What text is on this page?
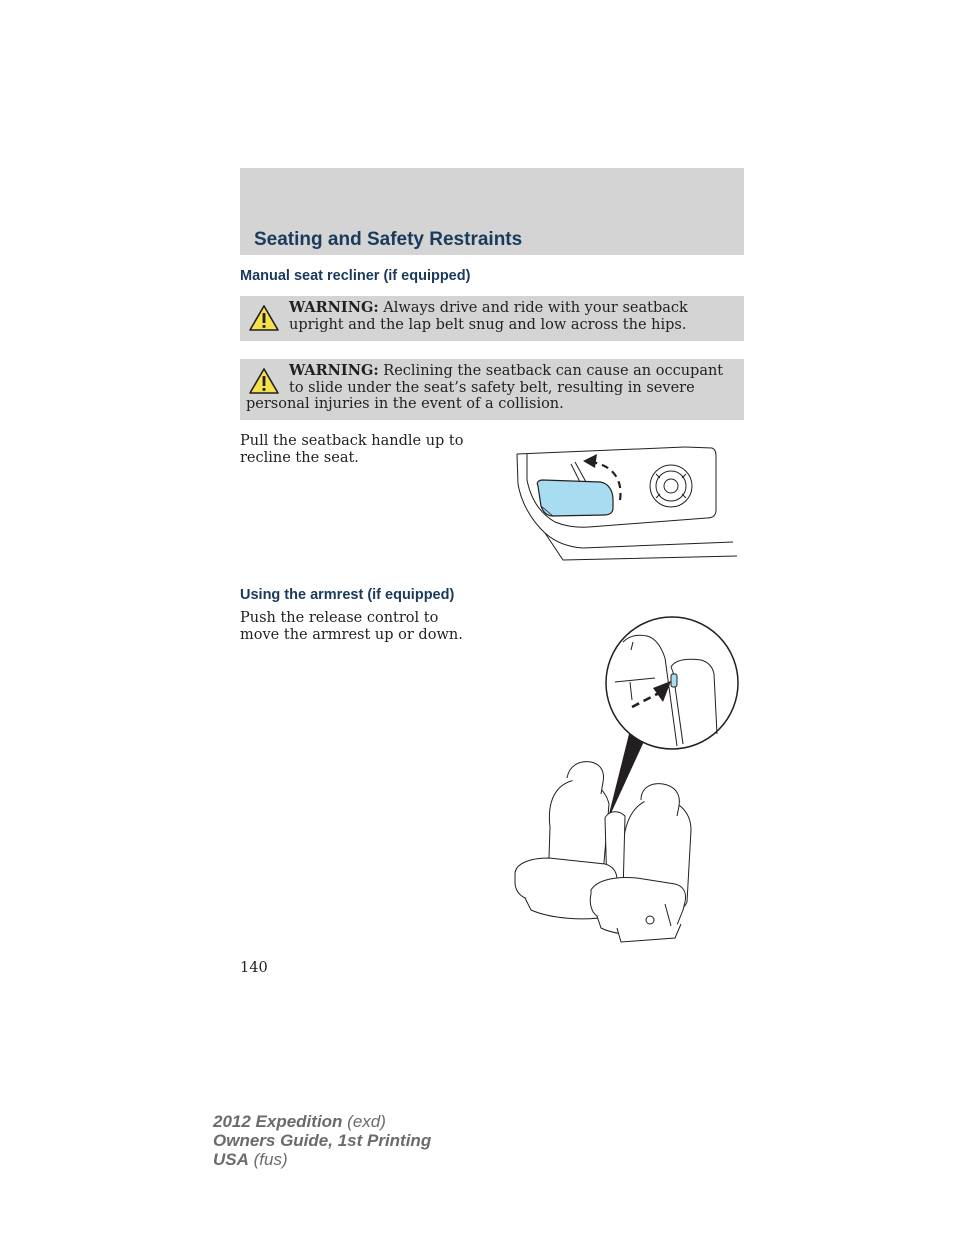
Seating and Safety Restraints
Manual seat recliner (if equipped)
WARNING: Always drive and ride with your seatback upright and the lap belt snug and low across the hips.
WARNING: Reclining the seatback can cause an occupant to slide under the seat’s safety belt, resulting in severe personal injuries in the event of a collision.
Pull the seatback handle up to recline the seat.
Using the armrest (if equipped)
Push the release control to move the armrest up or down.
140
2012 Expedition (exd)
Owners Guide, 1st Printing
USA (fus)
